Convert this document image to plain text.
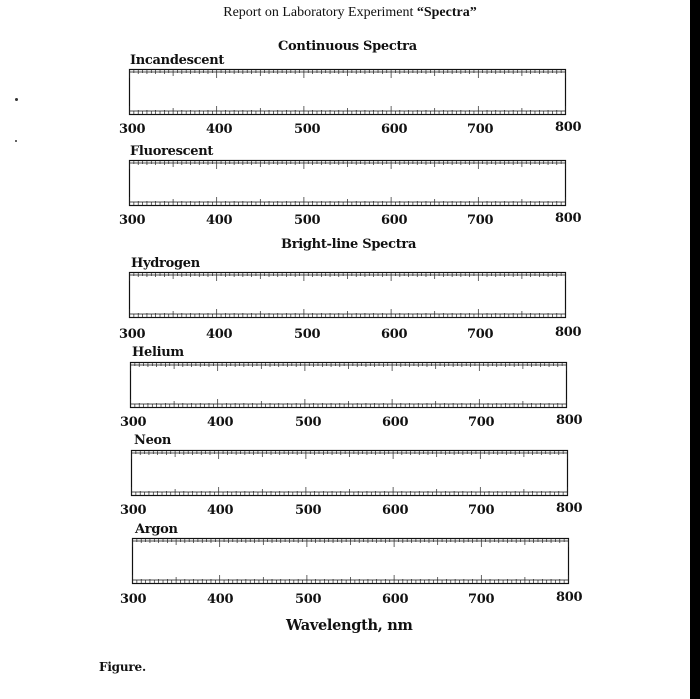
Report on Laboratory Experiment “Spectra”
Continuous Spectra
Bright-line Spectra
Incandescent
Fluorescent
Hydrogen
Helium
Neon
Argon
Wavelength, nm
Figure.
300	400	500	600	700	800
300	400	500	600	700	800
300	400	500	600	700	800
300	400	500	600	700	800
300	400	500	600	700	800
300	400	500	600	700	800
